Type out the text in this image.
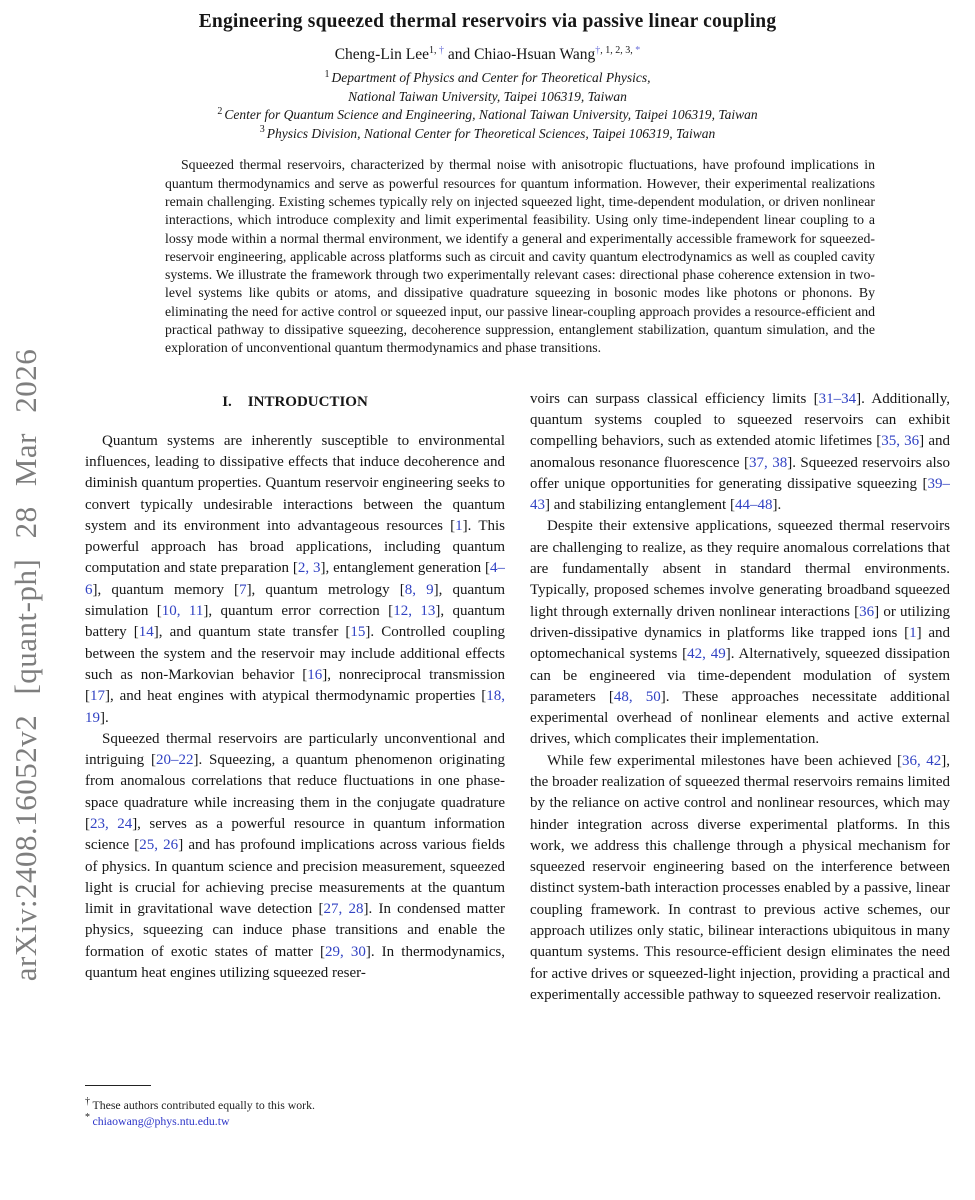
arXiv:2408.16052v2 [quant-ph] 28 Mar 2026
Engineering squeezed thermal reservoirs via passive linear coupling
Cheng-Lin Lee$^{1,}$ † and Chiao-Hsuan Wang$^{\dagger, 1, 2, 3,}$ *
$^1$ Department of Physics and Center for Theoretical Physics,
National Taiwan University, Taipei 106319, Taiwan
$^2$ Center for Quantum Science and Engineering, National Taiwan University, Taipei 106319, Taiwan
$^3$ Physics Division, National Center for Theoretical Sciences, Taipei 106319, Taiwan
Squeezed thermal reservoirs, characterized by thermal noise with anisotropic fluctuations, have profound implications in quantum thermodynamics and serve as powerful resources for quantum information. However, their experimental realizations remain challenging. Existing schemes typically rely on injected squeezed light, time-dependent modulation, or driven nonlinear interactions, which introduce complexity and limit experimental feasibility. Using only time-independent linear coupling to a lossy mode within a normal thermal environment, we identify a general and experimentally accessible framework for squeezed-reservoir engineering, applicable across platforms such as circuit and cavity quantum electrodynamics as well as coupled cavity systems. We illustrate the framework through two experimentally relevant cases: directional phase coherence extension in two-level systems like qubits or atoms, and dissipative quadrature squeezing in bosonic modes like photons or phonons. By eliminating the need for active control or squeezed input, our passive linear-coupling approach provides a resource-efficient and practical pathway to dissipative squeezing, decoherence suppression, entanglement stabilization, quantum simulation, and the exploration of unconventional quantum thermodynamics and phase transitions.
I. INTRODUCTION

Quantum systems are inherently susceptible to environmental influences, leading to dissipative effects that induce decoherence and diminish quantum properties. Quantum reservoir engineering seeks to convert typically undesirable interactions between the quantum system and its environment into advantageous resources [1]. This powerful approach has broad applications, including quantum computation and state preparation [2, 3], entanglement generation [4–6], quantum memory [7], quantum metrology [8, 9], quantum simulation [10, 11], quantum error correction [12, 13], quantum battery [14], and quantum state transfer [15]. Controlled coupling between the system and the reservoir may include additional effects such as non-Markovian behavior [16], nonreciprocal transmission [17], and heat engines with atypical thermodynamic properties [18, 19].

Squeezed thermal reservoirs are particularly unconventional and intriguing [20–22]. Squeezing, a quantum phenomenon originating from anomalous correlations that reduce fluctuations in one phase-space quadrature while increasing them in the conjugate quadrature [23, 24], serves as a powerful resource in quantum information science [25, 26] and has profound implications across various fields of physics. In quantum science and precision measurement, squeezed light is crucial for achieving precise measurements at the quantum limit in gravitational wave detection [27, 28]. In condensed matter physics, squeezing can induce phase transitions and enable the formation of exotic states of matter [29, 30]. In thermodynamics, quantum heat engines utilizing squeezed reser-

† These authors contributed equally to this work.
* chiaowang@phys.ntu.edu.tw

voirs can surpass classical efficiency limits [31–34]. Additionally, quantum systems coupled to squeezed reservoirs can exhibit compelling behaviors, such as extended atomic lifetimes [35, 36] and anomalous resonance fluorescence [37, 38]. Squeezed reservoirs also offer unique opportunities for generating dissipative squeezing [39–43] and stabilizing entanglement [44–48].

Despite their extensive applications, squeezed thermal reservoirs are challenging to realize, as they require anomalous correlations that are fundamentally absent in standard thermal environments. Typically, proposed schemes involve generating broadband squeezed light through externally driven nonlinear interactions [36] or utilizing driven-dissipative dynamics in platforms like trapped ions [1] and optomechanical systems [42, 49]. Alternatively, squeezed dissipation can be engineered via time-dependent modulation of system parameters [48, 50]. These approaches necessitate additional experimental overhead of nonlinear elements and active external drives, which complicates their implementation.

While few experimental milestones have been achieved [36, 42], the broader realization of squeezed thermal reservoirs remains limited by the reliance on active control and nonlinear resources, which may hinder integration across diverse experimental platforms. In this work, we address this challenge through a physical mechanism for squeezed reservoir engineering based on the interference between distinct system-bath interaction processes enabled by a passive, linear coupling framework. In contrast to previous active schemes, our approach utilizes only static, bilinear interactions ubiquitous in many quantum systems. This resource-efficient design eliminates the need for active drives or squeezed-light injection, providing a practical and experimentally accessible pathway to squeezed reservoir realization.
